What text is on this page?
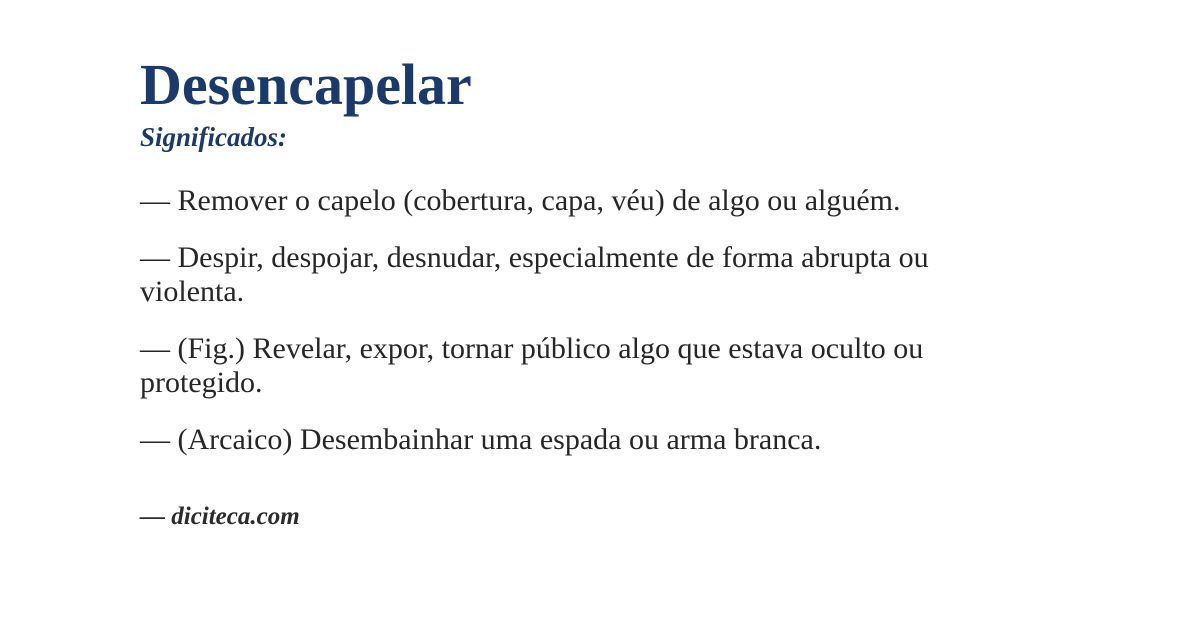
Desencapelar
Significados:
— Remover o capelo (cobertura, capa, véu) de algo ou alguém.
— Despir, despojar, desnudar, especialmente de forma abrupta ou violenta.
— (Fig.) Revelar, expor, tornar público algo que estava oculto ou protegido.
— (Arcaico) Desembainhar uma espada ou arma branca.
— diciteca.com
